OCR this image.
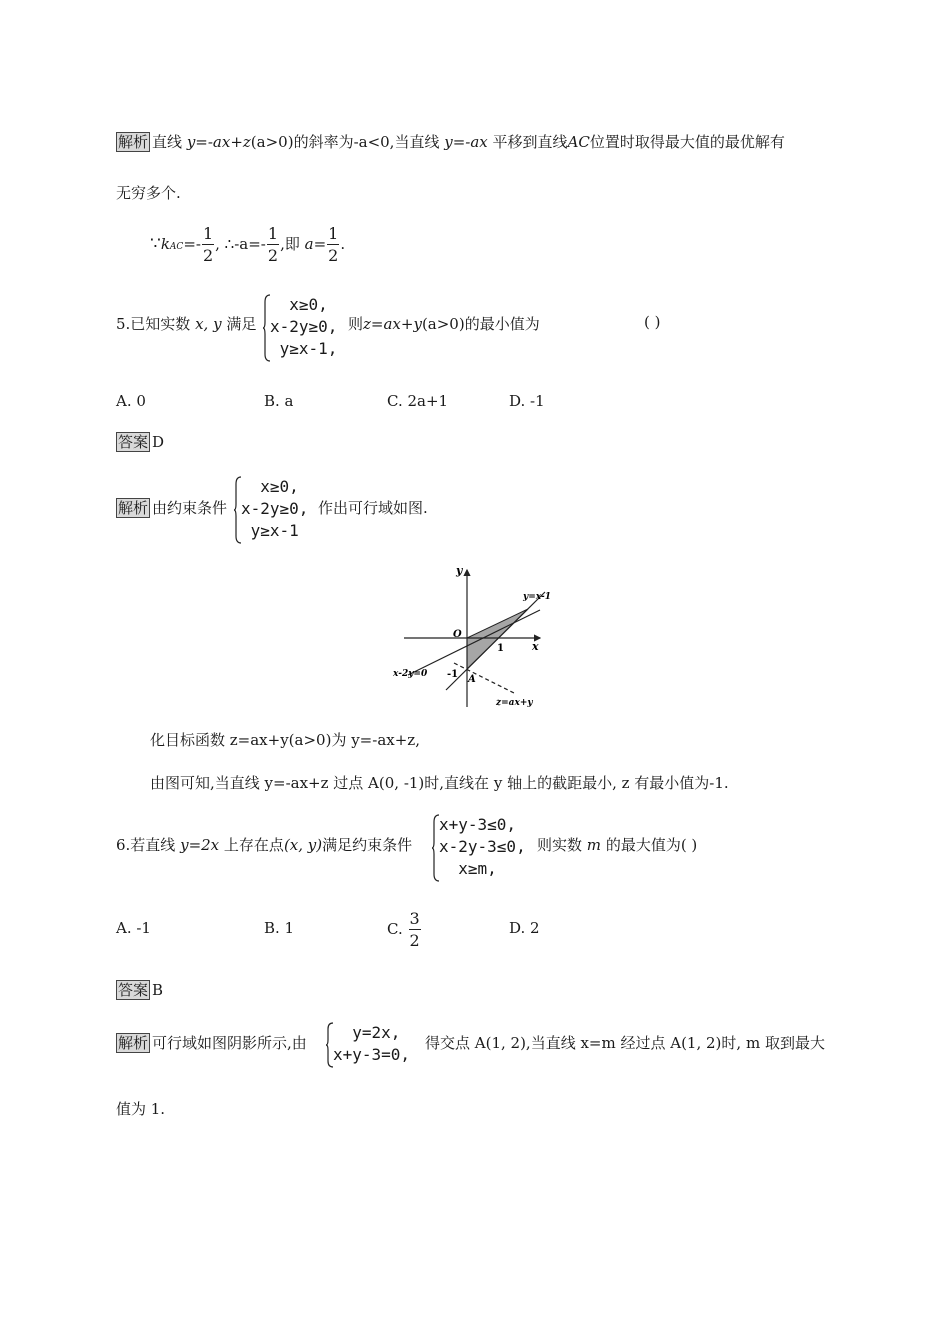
解析 直线 y=-ax+z(a>0)的斜率为-a<0,当直线 y=-ax 平移到直线AC位置时取得最大值的最优解有
无穷多个.
∵kAC=- $\frac{1}{2}$ , ∴-a=- $\frac{1}{2}$ ,即 $a= \frac{1}{2}$ .
5.已知实数 x, y 满足
x≥0,
x-2y≥0,
y≥x-1,
则z=ax+y(a>0)的最小值为	( )
A. 0	B. a	C. 2a+1	D. -1
答案 D
解析 由约束条件
x≥0,
x-2y≥0,
y≥x-1
作出可行域如图.
y
x
O
1
-1 A
y=x-1
x-2y=0
z=ax+y
化目标函数 z=ax+y(a>0)为 y=-ax+z,
由图可知,当直线 y=-ax+z 过点 A(0, -1)时,直线在 y 轴上的截距最小, z 有最小值为-1.
6.若直线 y=2x 上存在点(x, y)满足约束条件
x+y-3≤0,
x-2y-3≤0,
x≥m,
则实数 m 的最大值为( )
A. -1	B. 1	C. $\frac{3}{2}$	D. 2
答案 B
解析 可行域如图阴影所示,由
y=2x,
x+y-3=0,
得交点 A(1, 2),当直线 x=m 经过点 A(1, 2)时, m 取到最大
值为 1.
